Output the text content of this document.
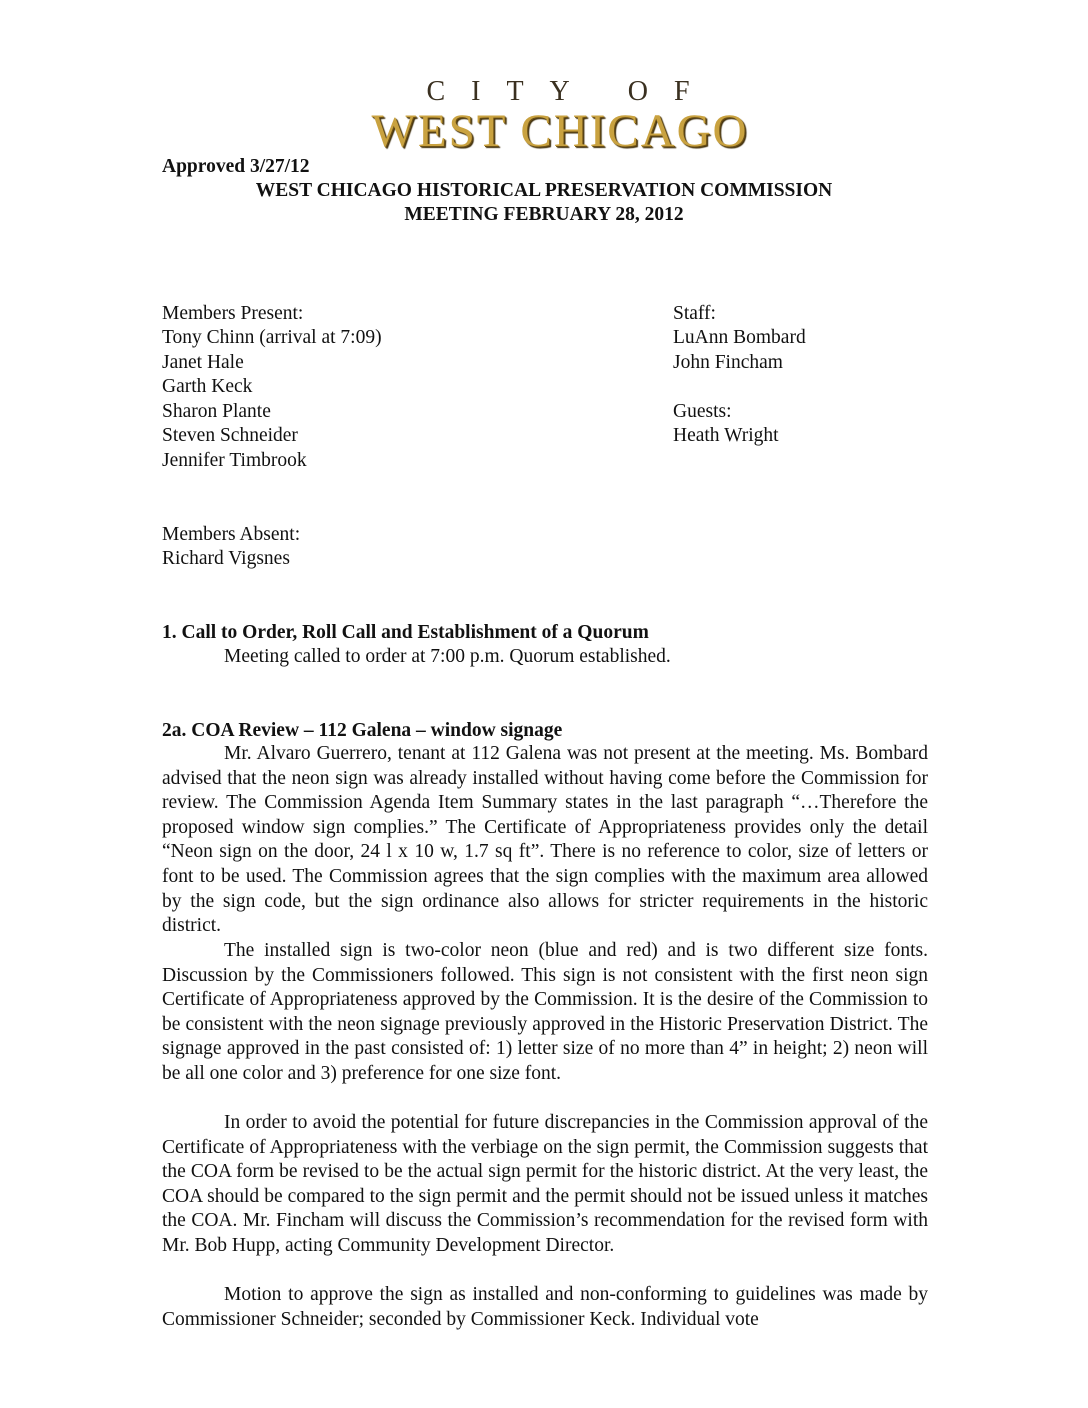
CITY OF
WEST CHICAGO
Approved 3/27/12
WEST CHICAGO HISTORICAL PRESERVATION COMMISSION
MEETING FEBRUARY 28, 2012
Members Present:
Tony Chinn (arrival at 7:09)
Janet Hale
Garth Keck
Sharon Plante
Steven Schneider
Jennifer Timbrook
Staff:
LuAnn Bombard
John Fincham
Guests:
Heath Wright
Members Absent:
Richard Vigsnes
1. Call to Order, Roll Call and Establishment of a Quorum
Meeting called to order at 7:00 p.m. Quorum established.
2a. COA Review – 112 Galena – window signage
Mr. Alvaro Guerrero, tenant at 112 Galena was not present at the meeting. Ms. Bombard advised that the neon sign was already installed without having come before the Commission for review. The Commission Agenda Item Summary states in the last paragraph “…Therefore the proposed window sign complies.” The Certificate of Appropriateness provides only the detail “Neon sign on the door, 24 l x 10 w, 1.7 sq ft”. There is no reference to color, size of letters or font to be used. The Commission agrees that the sign complies with the maximum area allowed by the sign code, but the sign ordinance also allows for stricter requirements in the historic district.
The installed sign is two-color neon (blue and red) and is two different size fonts. Discussion by the Commissioners followed. This sign is not consistent with the first neon sign Certificate of Appropriateness approved by the Commission. It is the desire of the Commission to be consistent with the neon signage previously approved in the Historic Preservation District. The signage approved in the past consisted of: 1) letter size of no more than 4” in height; 2) neon will be all one color and 3) preference for one size font.
In order to avoid the potential for future discrepancies in the Commission approval of the Certificate of Appropriateness with the verbiage on the sign permit, the Commission suggests that the COA form be revised to be the actual sign permit for the historic district. At the very least, the COA should be compared to the sign permit and the permit should not be issued unless it matches the COA. Mr. Fincham will discuss the Commission’s recommendation for the revised form with Mr. Bob Hupp, acting Community Development Director.
Motion to approve the sign as installed and non-conforming to guidelines was made by Commissioner Schneider; seconded by Commissioner Keck. Individual vote
